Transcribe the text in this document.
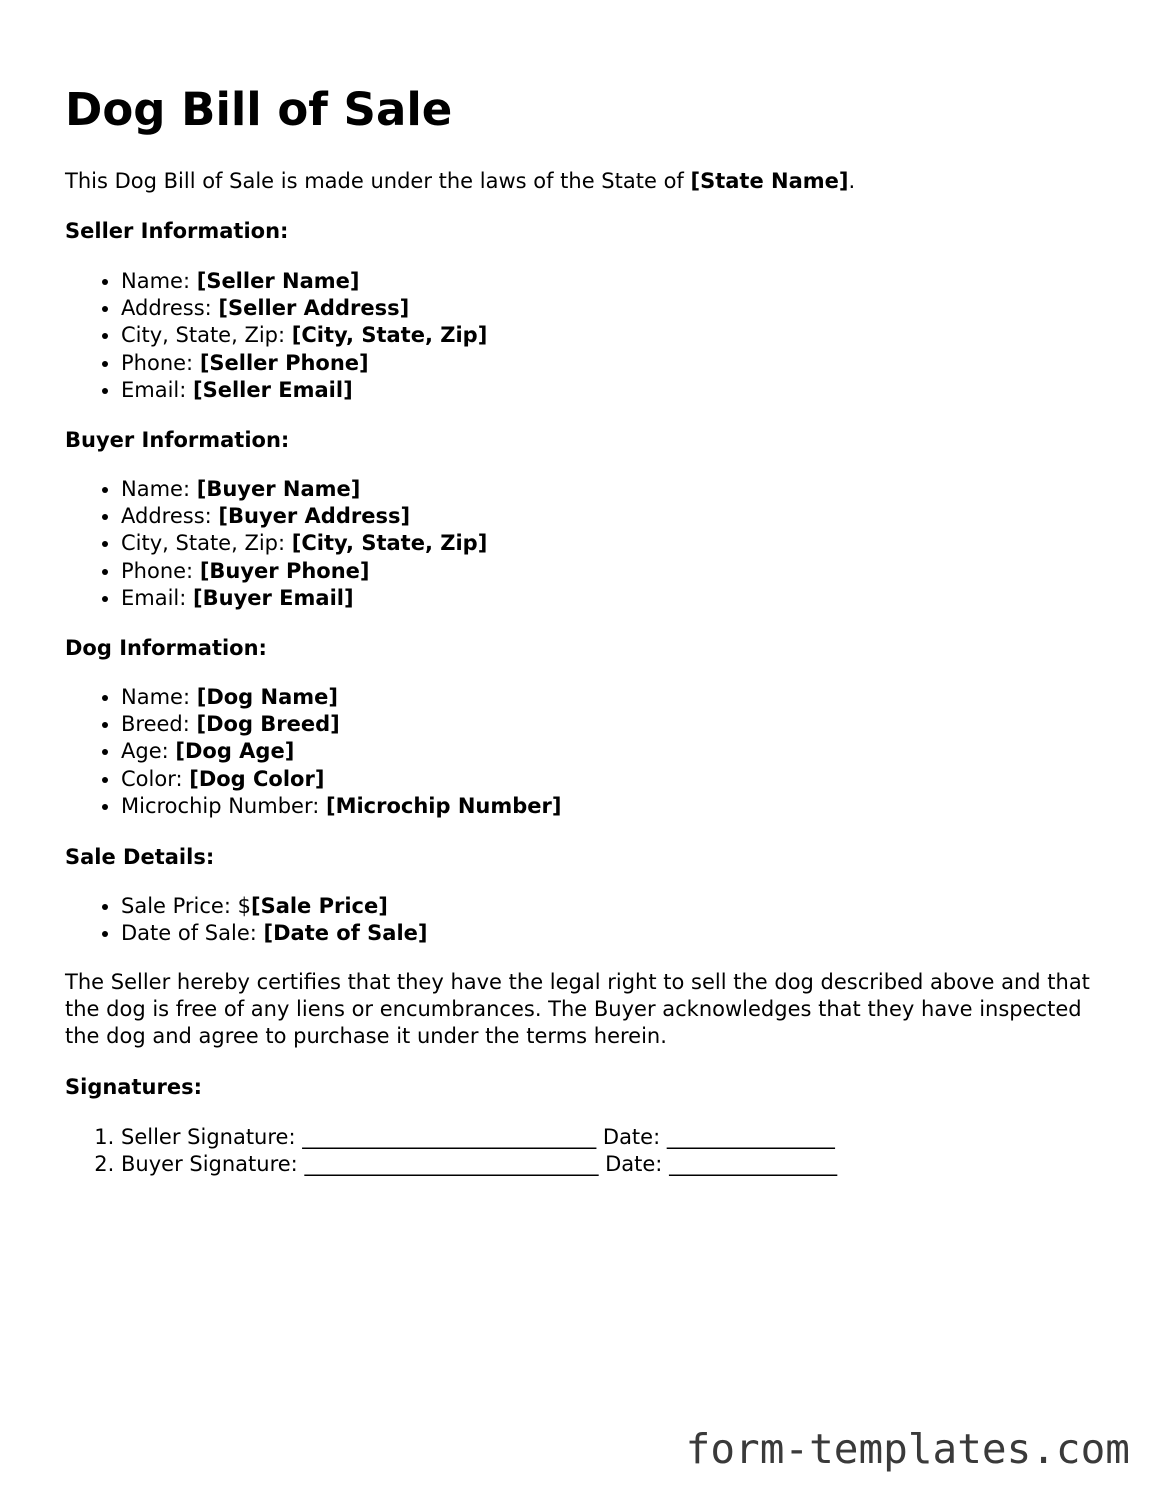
Dog Bill of Sale

This Dog Bill of Sale is made under the laws of the State of [State Name].

Seller Information:

• Name: [Seller Name]
• Address: [Seller Address]
• City, State, Zip: [City, State, Zip]
• Phone: [Seller Phone]
• Email: [Seller Email]

Buyer Information:

• Name: [Buyer Name]
• Address: [Buyer Address]
• City, State, Zip: [City, State, Zip]
• Phone: [Buyer Phone]
• Email: [Buyer Email]

Dog Information:

• Name: [Dog Name]
• Breed: [Dog Breed]
• Age: [Dog Age]
• Color: [Dog Color]
• Microchip Number: [Microchip Number]

Sale Details:

• Sale Price: $[Sale Price]
• Date of Sale: [Date of Sale]

The Seller hereby certifies that they have the legal right to sell the dog described above and that the dog is free of any liens or encumbrances. The Buyer acknowledges that they have inspected the dog and agree to purchase it under the terms herein.

Signatures:

1. Seller Signature: ____________________________ Date: ________________
2. Buyer Signature: ____________________________ Date: ________________
form-templates.com
